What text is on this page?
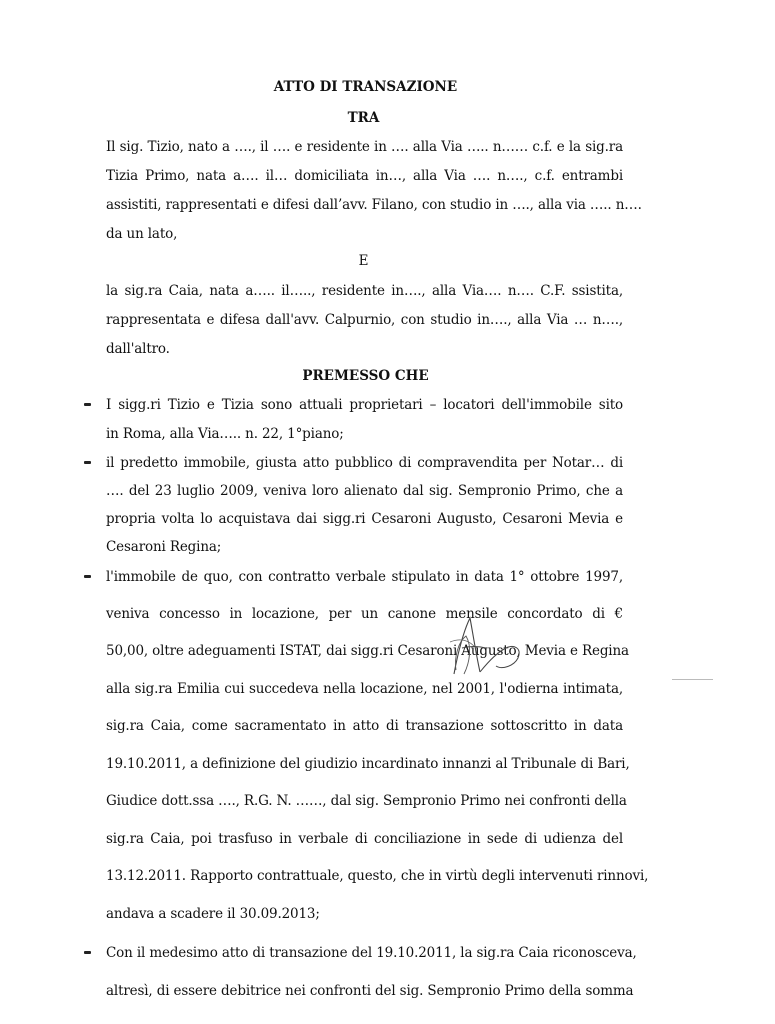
ATTO DI TRANSAZIONE
TRA
Il sig. Tizio, nato a …., il …. e residente in …. alla Via ….. n…… c.f. e la sig.ra
Tizia Primo, nata a…. il… domiciliata in…, alla Via …. n…., c.f. entrambi
assistiti, rappresentati e difesi dall’avv. Filano, con studio in …., alla via ….. n….
da un lato,
E
la sig.ra Caia, nata a….. il….., residente in…., alla Via…. n…. C.F. ssistita,
rappresentata e difesa dall'avv. Calpurnio, con studio in…., alla Via … n….,
dall'altro.
PREMESSO CHE
I sigg.ri Tizio e Tizia sono attuali proprietari – locatori dell'immobile sito
in Roma, alla Via….. n. 22, 1°piano;
il predetto immobile, giusta atto pubblico di compravendita per Notar… di
…. del 23 luglio 2009, veniva loro alienato dal sig. Sempronio Primo, che a
propria volta lo acquistava dai sigg.ri Cesaroni Augusto, Cesaroni Mevia e
Cesaroni Regina;
l'immobile de quo, con contratto verbale stipulato in data 1° ottobre 1997,
veniva concesso in locazione, per un canone mensile concordato di €
50,00, oltre adeguamenti ISTAT, dai sigg.ri Cesaroni Augusto, Mevia e Regina
alla sig.ra Emilia cui succedeva nella locazione, nel 2001, l'odierna intimata,
sig.ra Caia, come sacramentato in atto di transazione sottoscritto in data
19.10.2011, a definizione del giudizio incardinato innanzi al Tribunale di Bari,
Giudice dott.ssa …., R.G. N. ……, dal sig. Sempronio Primo nei confronti della
sig.ra Caia, poi trasfuso in verbale di conciliazione in sede di udienza del
13.12.2011. Rapporto contrattuale, questo, che in virtù degli intervenuti rinnovi,
andava a scadere il 30.09.2013;
Con il medesimo atto di transazione del 19.10.2011, la sig.ra Caia riconosceva,
altresì, di essere debitrice nei confronti del sig. Sempronio Primo della somma
